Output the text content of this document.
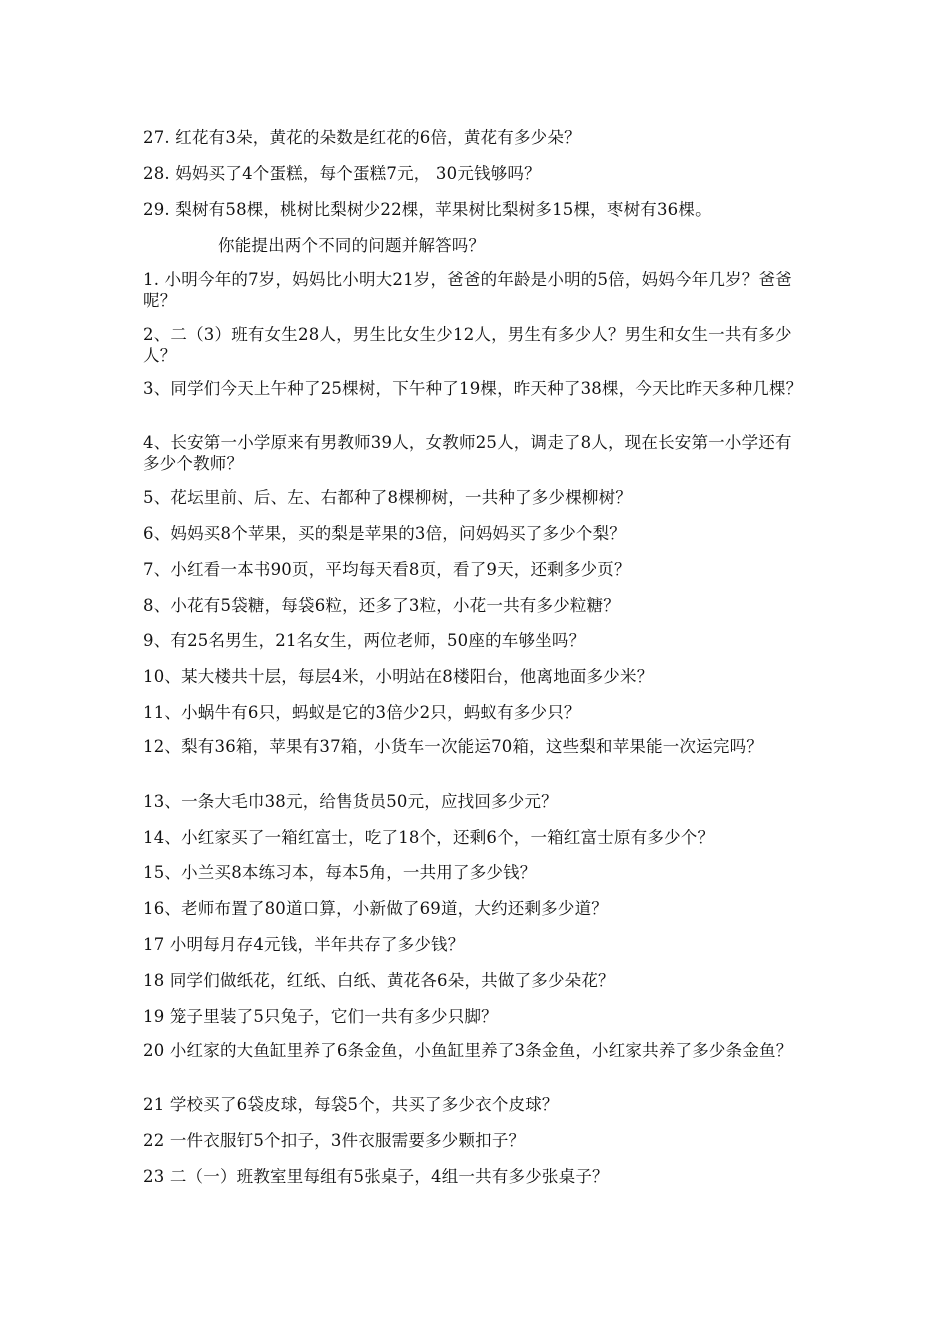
27. 红花有3朵，黄花的朵数是红花的6倍，黄花有多少朵？
28. 妈妈买了4个蛋糕，每个蛋糕7元， 30元钱够吗？
29. 梨树有58棵，桃树比梨树少22棵，苹果树比梨树多15棵，枣树有36棵。
你能提出两个不同的问题并解答吗？
1. 小明今年的7岁，妈妈比小明大21岁，爸爸的年龄是小明的5倍，妈妈今年几岁？爸爸呢？
2、二（3）班有女生28人，男生比女生少12人，男生有多少人？男生和女生一共有多少人？
3、同学们今天上午种了25棵树，下午种了19棵，昨天种了38棵，今天比昨天多种几棵？
4、长安第一小学原来有男教师39人，女教师25人，调走了8人，现在长安第一小学还有多少个教师？
5、花坛里前、后、左、右都种了8棵柳树，一共种了多少棵柳树？
6、妈妈买8个苹果，买的梨是苹果的3倍，问妈妈买了多少个梨？
7、小红看一本书90页，平均每天看8页，看了9天，还剩多少页？
8、小花有5袋糖，每袋6粒，还多了3粒，小花一共有多少粒糖？
9、有25名男生，21名女生，两位老师，50座的车够坐吗？
10、某大楼共十层，每层4米，小明站在8楼阳台，他离地面多少米？
11、小蜗牛有6只，蚂蚁是它的3倍少2只，蚂蚁有多少只？
12、梨有36箱，苹果有37箱，小货车一次能运70箱，这些梨和苹果能一次运完吗？
13、一条大毛巾38元，给售货员50元，应找回多少元？
14、小红家买了一箱红富士，吃了18个，还剩6个，一箱红富士原有多少个？
15、小兰买8本练习本，每本5角，一共用了多少钱？
16、老师布置了80道口算，小新做了69道，大约还剩多少道？
17 小明每月存4元钱，半年共存了多少钱？
18 同学们做纸花，红纸、白纸、黄花各6朵，共做了多少朵花？
19 笼子里装了5只兔子，它们一共有多少只脚？
20 小红家的大鱼缸里养了6条金鱼，小鱼缸里养了3条金鱼，小红家共养了多少条金鱼？
21 学校买了6袋皮球，每袋5个，共买了多少衣个皮球？
22 一件衣服钉5个扣子，3件衣服需要多少颗扣子？
23 二（一）班教室里每组有5张桌子，4组一共有多少张桌子？
